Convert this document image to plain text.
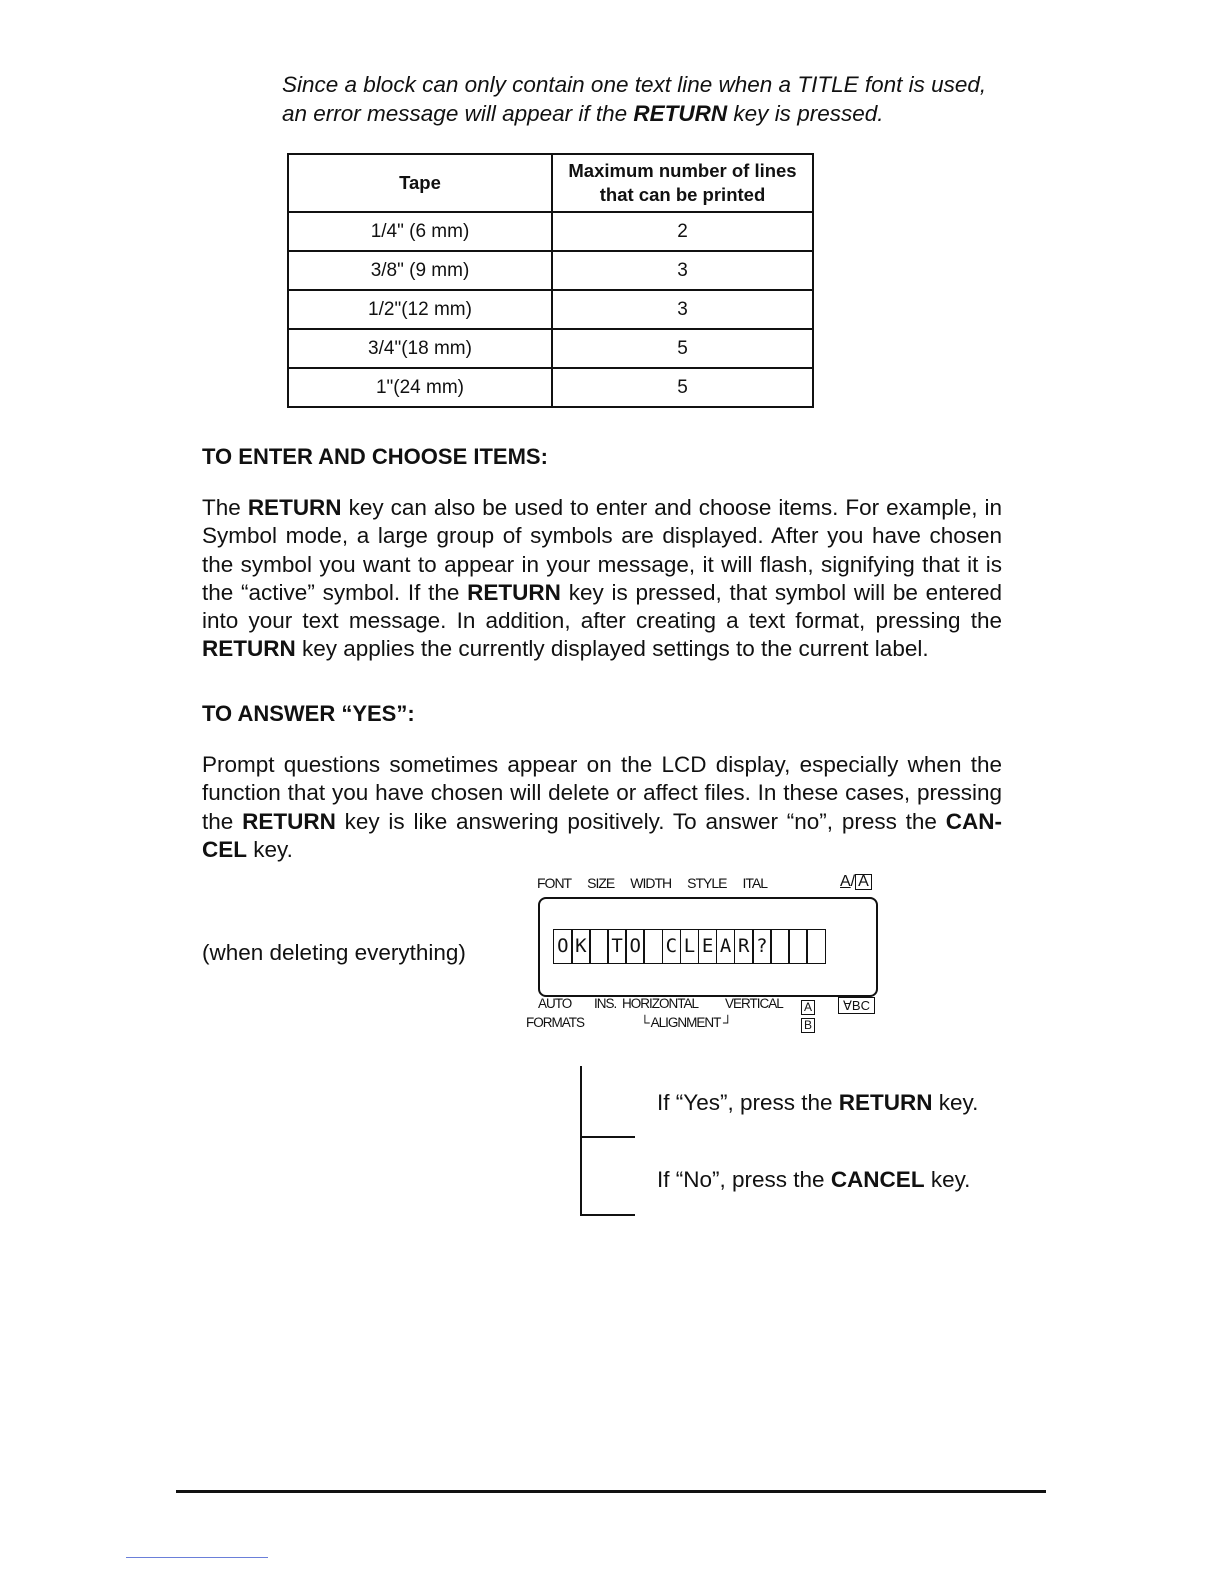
Since a block can only contain one text line when a TITLE font is used, an error message will appear if the RETURN key is pressed.
Tape	Maximum number of lines that can be printed
1/4" (6 mm)	2
3/8" (9 mm)	3
1/2"(12 mm)	3
3/4"(18 mm)	5
1"(24 mm)	5
TO ENTER AND CHOOSE ITEMS:
The RETURN key can also be used to enter and choose items. For example, in Symbol mode, a large group of symbols are displayed. After you have chosen the symbol you want to appear in your message, it will flash, signifying that it is the “active” symbol. If the RETURN key is pressed, that symbol will be entered into your text message. In addition, after creating a text format, pressing the RETURN key applies the currently displayed settings to the current label.
TO ANSWER “YES”:
Prompt questions sometimes appear on the LCD display, especially when the function that you have chosen will delete or affect files. In these cases, pressing the RETURN key is like answering positively. To answer “no”, press the CAN-CEL key.
FONT SIZE WIDTH STYLE ITAL	A/ A
O K T O C L E A R ?
AUTO
FORMATS
INS. HORIZONTAL VERTICAL
└ ALIGNMENT ┘
A
B
∀BC
(when deleting everything)
If “Yes”, press the RETURN key.
If “No”, press the CANCEL key.
